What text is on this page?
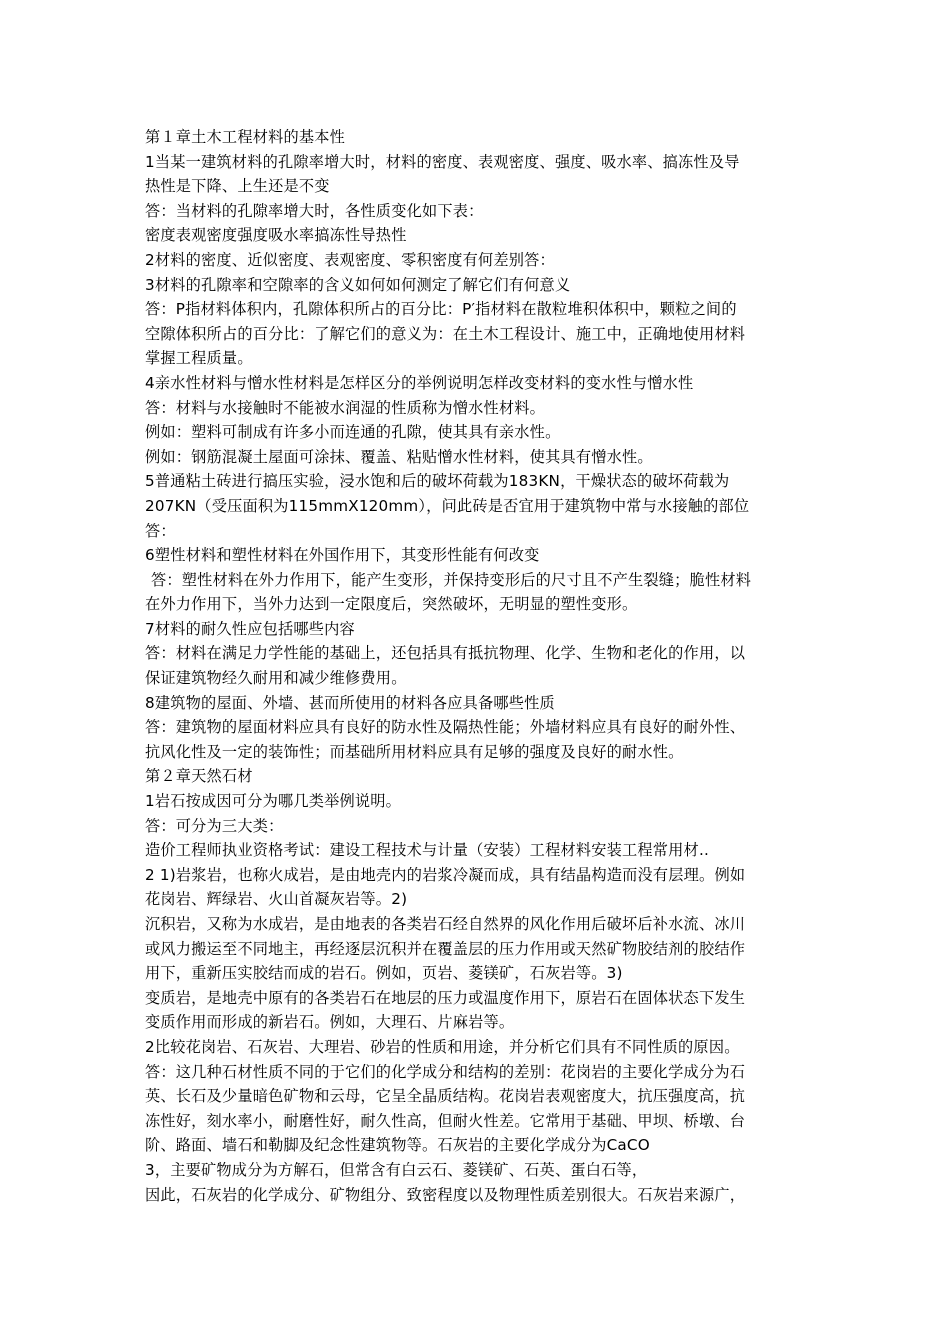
第１章土木工程材料的基本性
1当某一建筑材料的孔隙率增大时，材料的密度、表观密度、强度、吸水率、搞冻性及导
热性是下降、上生还是不变
答：当材料的孔隙率增大时，各性质变化如下表：
密度表观密度强度吸水率搞冻性导热性
2材料的密度、近似密度、表观密度、零积密度有何差别答：
3材料的孔隙率和空隙率的含义如何如何测定了解它们有何意义
答：P指材料体积内，孔隙体积所占的百分比：P′指材料在散粒堆积体积中，颗粒之间的
空隙体积所占的百分比：了解它们的意义为：在土木工程设计、施工中，正确地使用材料
掌握工程质量。
4亲水性材料与憎水性材料是怎样区分的举例说明怎样改变材料的变水性与憎水性
答：材料与水接触时不能被水润湿的性质称为憎水性材料。
例如：塑料可制成有许多小而连通的孔隙，使其具有亲水性。
例如：钢筋混凝土屋面可涂抹、覆盖、粘贴憎水性材料，使其具有憎水性。
5普通粘土砖进行搞压实验，浸水饱和后的破坏荷载为183KN，干燥状态的破坏荷载为
207KN（受压面积为115mmX120mm），问此砖是否宜用于建筑物中常与水接触的部位
答：
6塑性材料和塑性材料在外国作用下，其变形性能有何改变
答：塑性材料在外力作用下，能产生变形，并保持变形后的尺寸且不产生裂缝；脆性材料
在外力作用下，当外力达到一定限度后，突然破坏，无明显的塑性变形。
7材料的耐久性应包括哪些内容
答：材料在满足力学性能的基础上，还包括具有抵抗物理、化学、生物和老化的作用，以
保证建筑物经久耐用和减少维修费用。
8建筑物的屋面、外墙、甚而所使用的材料各应具备哪些性质
答：建筑物的屋面材料应具有良好的防水性及隔热性能；外墙材料应具有良好的耐外性、
抗风化性及一定的装饰性；而基础所用材料应具有足够的强度及良好的耐水性。
第２章天然石材
1岩石按成因可分为哪几类举例说明。
答：可分为三大类：
造价工程师执业资格考试：建设工程技术与计量（安装）工程材料安装工程常用材..
2 1)岩浆岩，也称火成岩，是由地壳内的岩浆冷凝而成，具有结晶构造而没有层理。例如
花岗岩、辉绿岩、火山首凝灰岩等。2)
沉积岩，又称为水成岩，是由地表的各类岩石经自然界的风化作用后破坏后补水流、冰川
或风力搬运至不同地主，再经逐层沉积并在覆盖层的压力作用或天然矿物胶结剂的胶结作
用下，重新压实胶结而成的岩石。例如，页岩、菱镁矿，石灰岩等。3)
变质岩，是地壳中原有的各类岩石在地层的压力或温度作用下，原岩石在固体状态下发生
变质作用而形成的新岩石。例如，大理石、片麻岩等。
2比较花岗岩、石灰岩、大理岩、砂岩的性质和用途，并分析它们具有不同性质的原因。
答：这几种石材性质不同的于它们的化学成分和结构的差别：花岗岩的主要化学成分为石
英、长石及少量暗色矿物和云母，它呈全晶质结构。花岗岩表观密度大，抗压强度高，抗
冻性好，刻水率小，耐磨性好，耐久性高，但耐火性差。它常用于基础、甲坝、桥墩、台
阶、路面、墙石和勒脚及纪念性建筑物等。石灰岩的主要化学成分为CaCO
3，主要矿物成分为方解石，但常含有白云石、菱镁矿、石英、蛋白石等，
因此，石灰岩的化学成分、矿物组分、致密程度以及物理性质差别很大。石灰岩来源广，
